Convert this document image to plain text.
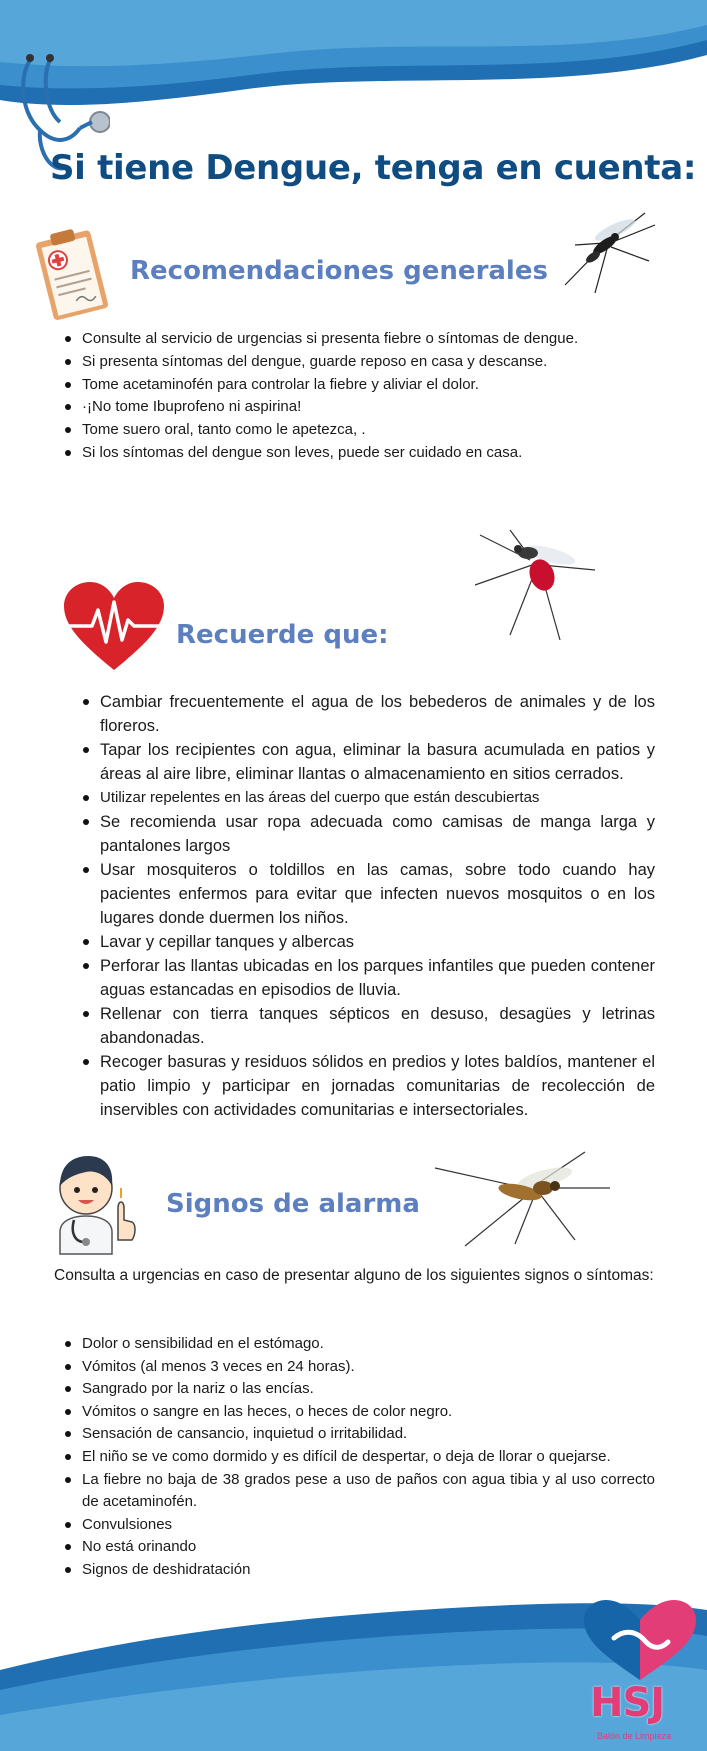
Si tiene Dengue, tenga en cuenta:
Recomendaciones generales
Consulte al servicio de urgencias si presenta fiebre o síntomas de dengue.
Si presenta síntomas del dengue, guarde reposo en casa y descanse.
Tome acetaminofén para controlar la fiebre y aliviar el dolor.
·¡No tome Ibuprofeno ni aspirina!
Tome suero oral, tanto como le apetezca, .
Si los síntomas del dengue son leves, puede ser cuidado en casa.
Recuerde que:
Cambiar frecuentemente el agua de los bebederos de animales y de los floreros.
Tapar los recipientes con agua, eliminar la basura acumulada en patios y áreas al aire libre, eliminar llantas o almacenamiento en sitios cerrados.
Utilizar repelentes en las áreas del cuerpo que están descubiertas
Se recomienda usar ropa adecuada como camisas de manga larga y pantalones largos
Usar mosquiteros o toldillos en las camas, sobre todo cuando hay pacientes enfermos para evitar que infecten nuevos mosquitos o en los lugares donde duermen los niños.
Lavar y cepillar tanques y albercas
Perforar las llantas ubicadas en los parques infantiles que pueden contener aguas estancadas en episodios de lluvia.
Rellenar con tierra tanques sépticos en desuso, desagües y letrinas abandonadas.
Recoger basuras y residuos sólidos en predios y lotes baldíos, mantener el patio limpio y participar en jornadas comunitarias de recolección de inservibles con actividades comunitarias e intersectoriales.
Signos de alarma
Consulta a urgencias en caso de presentar alguno de los siguientes signos o síntomas:
Dolor o sensibilidad en el estómago.
Vómitos (al menos 3 veces en 24 horas).
Sangrado por la nariz o las encías.
Vómitos o sangre en las heces, o heces de color negro.
Sensación de cansancio, inquietud o irritabilidad.
El niño se ve como dormido y es difícil de despertar, o deja de llorar o quejarse.
La fiebre no baja de 38 grados pese a uso de paños con agua tibia y al uso correcto de acetaminofén.
Convulsiones
No está orinando
Signos de deshidratación
HSJ
Balón de Limpieza
